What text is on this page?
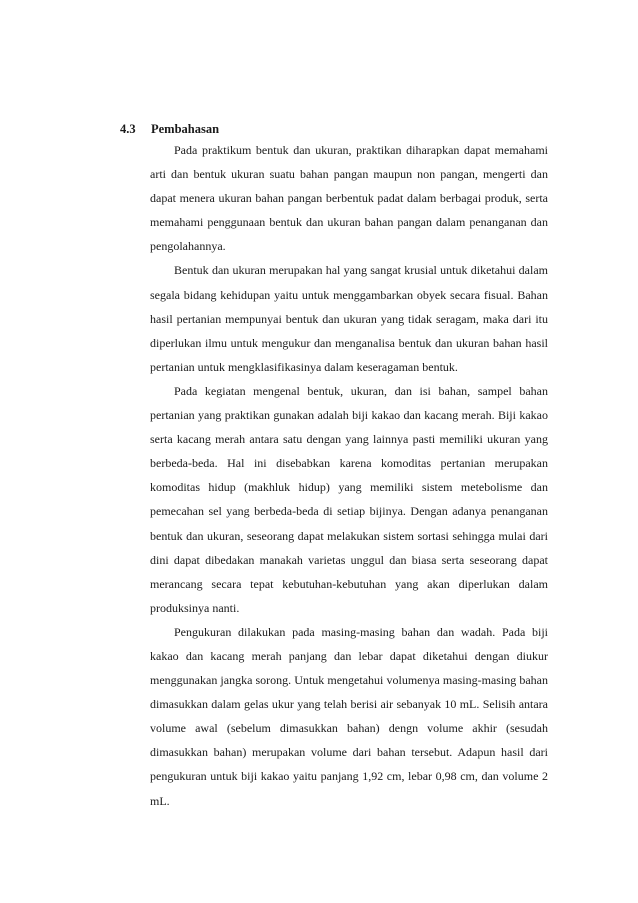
4.3 Pembahasan

Pada praktikum bentuk dan ukuran, praktikan diharapkan dapat memahami arti dan bentuk ukuran suatu bahan pangan maupun non pangan, mengerti dan dapat menera ukuran bahan pangan berbentuk padat dalam berbagai produk, serta memahami penggunaan bentuk dan ukuran bahan pangan dalam penanganan dan pengolahannya.

Bentuk dan ukuran merupakan hal yang sangat krusial untuk diketahui dalam segala bidang kehidupan yaitu untuk menggambarkan obyek secara fisual. Bahan hasil pertanian mempunyai bentuk dan ukuran yang tidak seragam, maka dari itu diperlukan ilmu untuk mengukur dan menganalisa bentuk dan ukuran bahan hasil pertanian untuk mengklasifikasinya dalam keseragaman bentuk.

Pada kegiatan mengenal bentuk, ukuran, dan isi bahan, sampel bahan pertanian yang praktikan gunakan adalah biji kakao dan kacang merah. Biji kakao serta kacang merah antara satu dengan yang lainnya pasti memiliki ukuran yang berbeda-beda. Hal ini disebabkan karena komoditas pertanian merupakan komoditas hidup (makhluk hidup) yang memiliki sistem metebolisme dan pemecahan sel yang berbeda-beda di setiap bijinya. Dengan adanya penanganan bentuk dan ukuran, seseorang dapat melakukan sistem sortasi sehingga mulai dari dini dapat dibedakan manakah varietas unggul dan biasa serta seseorang dapat merancang secara tepat kebutuhan-kebutuhan yang akan diperlukan dalam produksinya nanti.

Pengukuran dilakukan pada masing-masing bahan dan wadah. Pada biji kakao dan kacang merah panjang dan lebar dapat diketahui dengan diukur menggunakan jangka sorong. Untuk mengetahui volumenya masing-masing bahan dimasukkan dalam gelas ukur yang telah berisi air sebanyak 10 mL. Selisih antara volume awal (sebelum dimasukkan bahan) dengn volume akhir (sesudah dimasukkan bahan) merupakan volume dari bahan tersebut. Adapun hasil dari pengukuran untuk biji kakao yaitu panjang 1,92 cm, lebar 0,98 cm, dan volume 2 mL.
